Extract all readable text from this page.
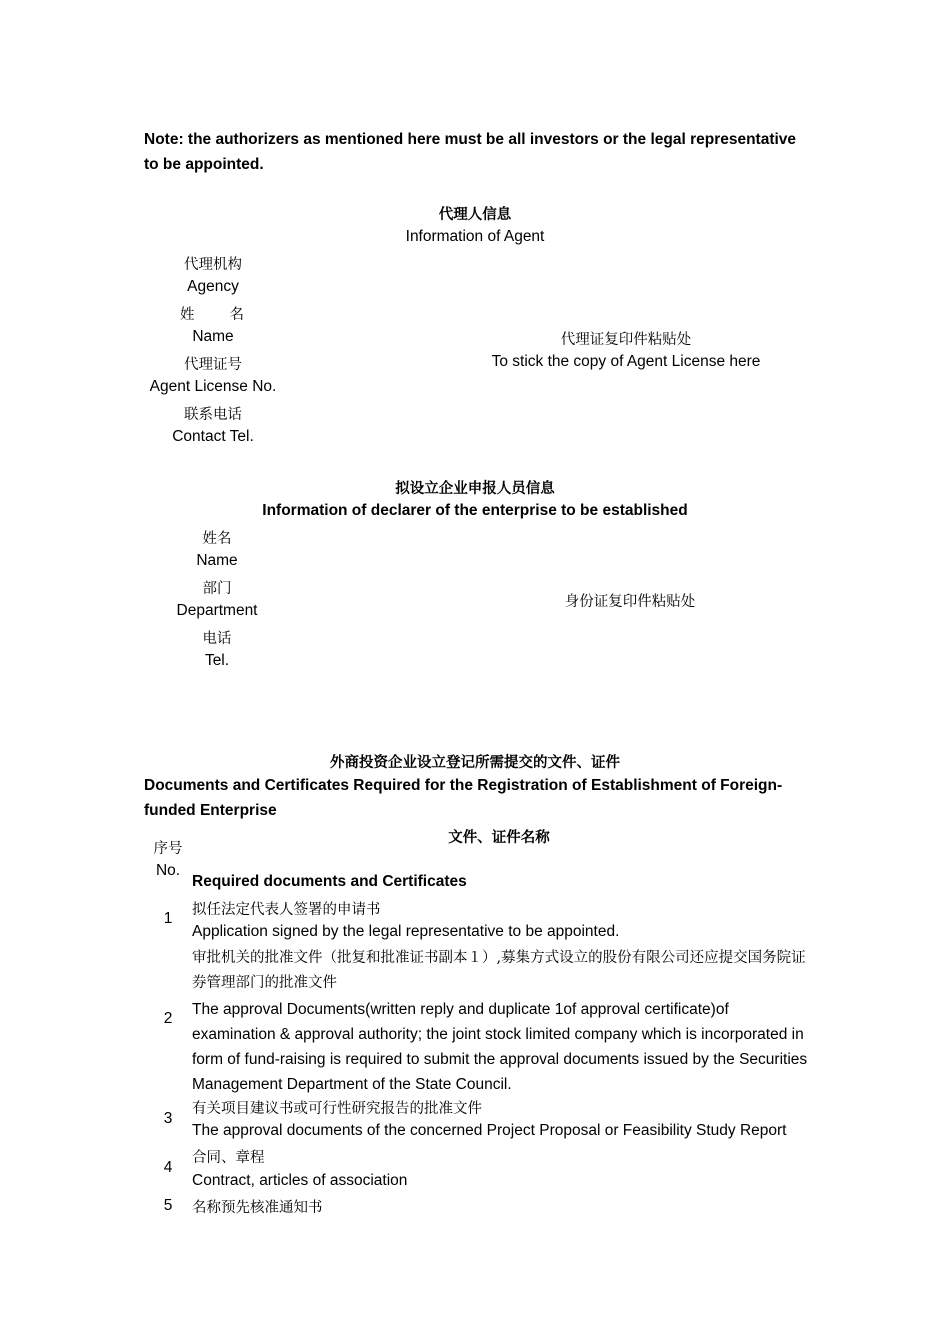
Note: the authorizers as mentioned here must be all investors or the legal representative to be appointed.
代理人信息
Information of Agent
代理机构
Agency
姓　　名
Name
代理证号
Agent License No.
联系电话
Contact Tel.
代理证复印件粘贴处
To stick the copy of Agent License here
拟设立企业申报人员信息
Information of declarer of the enterprise to be established
姓名
Name
部门
Department
电话
Tel.
身份证复印件粘贴处
外商投资企业设立登记所需提交的文件、证件
Documents and Certificates Required for the Registration of Establishment of Foreign-funded Enterprise
序号
No.
文件、证件名称
Required documents and Certificates
1 拟任法定代表人签署的申请书
Application signed by the legal representative to be appointed.
2
审批机关的批准文件（批复和批准证书副本１）,募集方式设立的股份有限公司还应提交国务院证券管理部门的批准文件
The approval Documents(written reply and duplicate 1of approval certificate)of examination & approval authority; the joint stock limited company which is incorporated in form of fund-raising is required to submit the approval documents issued by the Securities Management Department of the State Council.
3
有关项目建议书或可行性研究报告的批准文件
The approval documents of the concerned Project Proposal or Feasibility Study Report
4
合同、章程
Contract, articles of association
5 名称预先核准通知书
